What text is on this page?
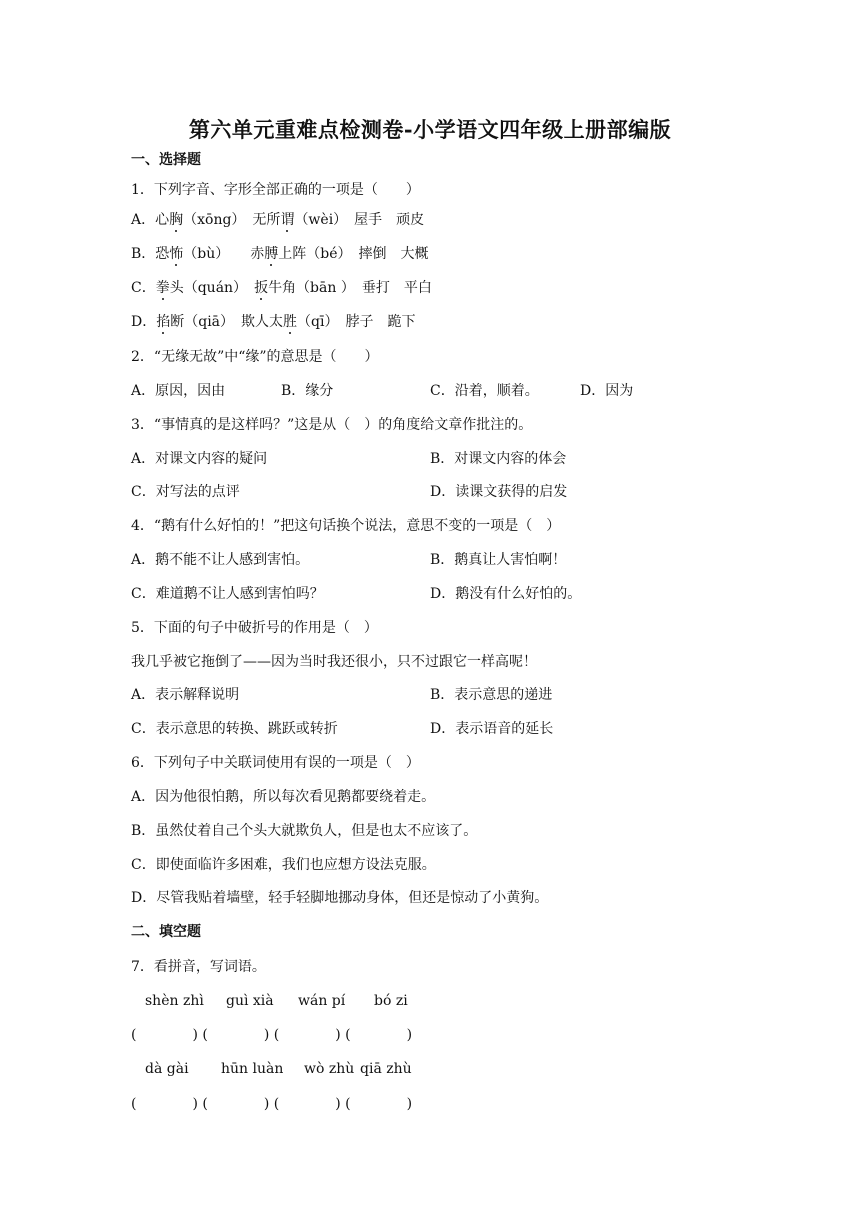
第六单元重难点检测卷-小学语文四年级上册部编版
一、选择题
1．下列字音、字形全部正确的一项是（　　）
A．心胸（xōng）　无所谓（wèi）　屋手　顽皮
B．恐怖（bù）　　赤膊上阵（bé）　摔倒　大概
C．拳头（quán）　扳牛角（bān ）　垂打　平白
D．掐断（qiā）　欺人太胜（qī）　脖子　跪下
2．“无缘无故”中“缘”的意思是（　　）
A．原因，因由	B．缘分	C．沿着，顺着。	D．因为
3．“事情真的是这样吗？”这是从（　）的角度给文章作批注的。
A．对课文内容的疑问	B．对课文内容的体会
C．对写法的点评	D．读课文获得的启发
4．“鹅有什么好怕的！”把这句话换个说法，意思不变的一项是（　）
A．鹅不能不让人感到害怕。	B．鹅真让人害怕啊！
C．难道鹅不让人感到害怕吗？	D．鹅没有什么好怕的。
5．下面的句子中破折号的作用是（　）
我几乎被它拖倒了——因为当时我还很小，只不过跟它一样高呢！
A．表示解释说明	B．表示意思的递进
C．表示意思的转换、跳跃或转折	D．表示语音的延长
6．下列句子中关联词使用有误的一项是（　）
A．因为他很怕鹅，所以每次看见鹅都要绕着走。
B．虽然仗着自己个头大就欺负人，但是也太不应该了。
C．即使面临许多困难，我们也应想方设法克服。
D．尽管我贴着墙壁，轻手轻脚地挪动身体，但还是惊动了小黄狗。
二、填空题
7．看拼音，写词语。
shèn zhì guì xià wán pí bó zi
(　　　　) (　　　　) (　　　　) (　　　　)
dà gài hūn luàn wò zhù qiā zhù
(　　　　) (　　　　) (　　　　) (　　　　)
